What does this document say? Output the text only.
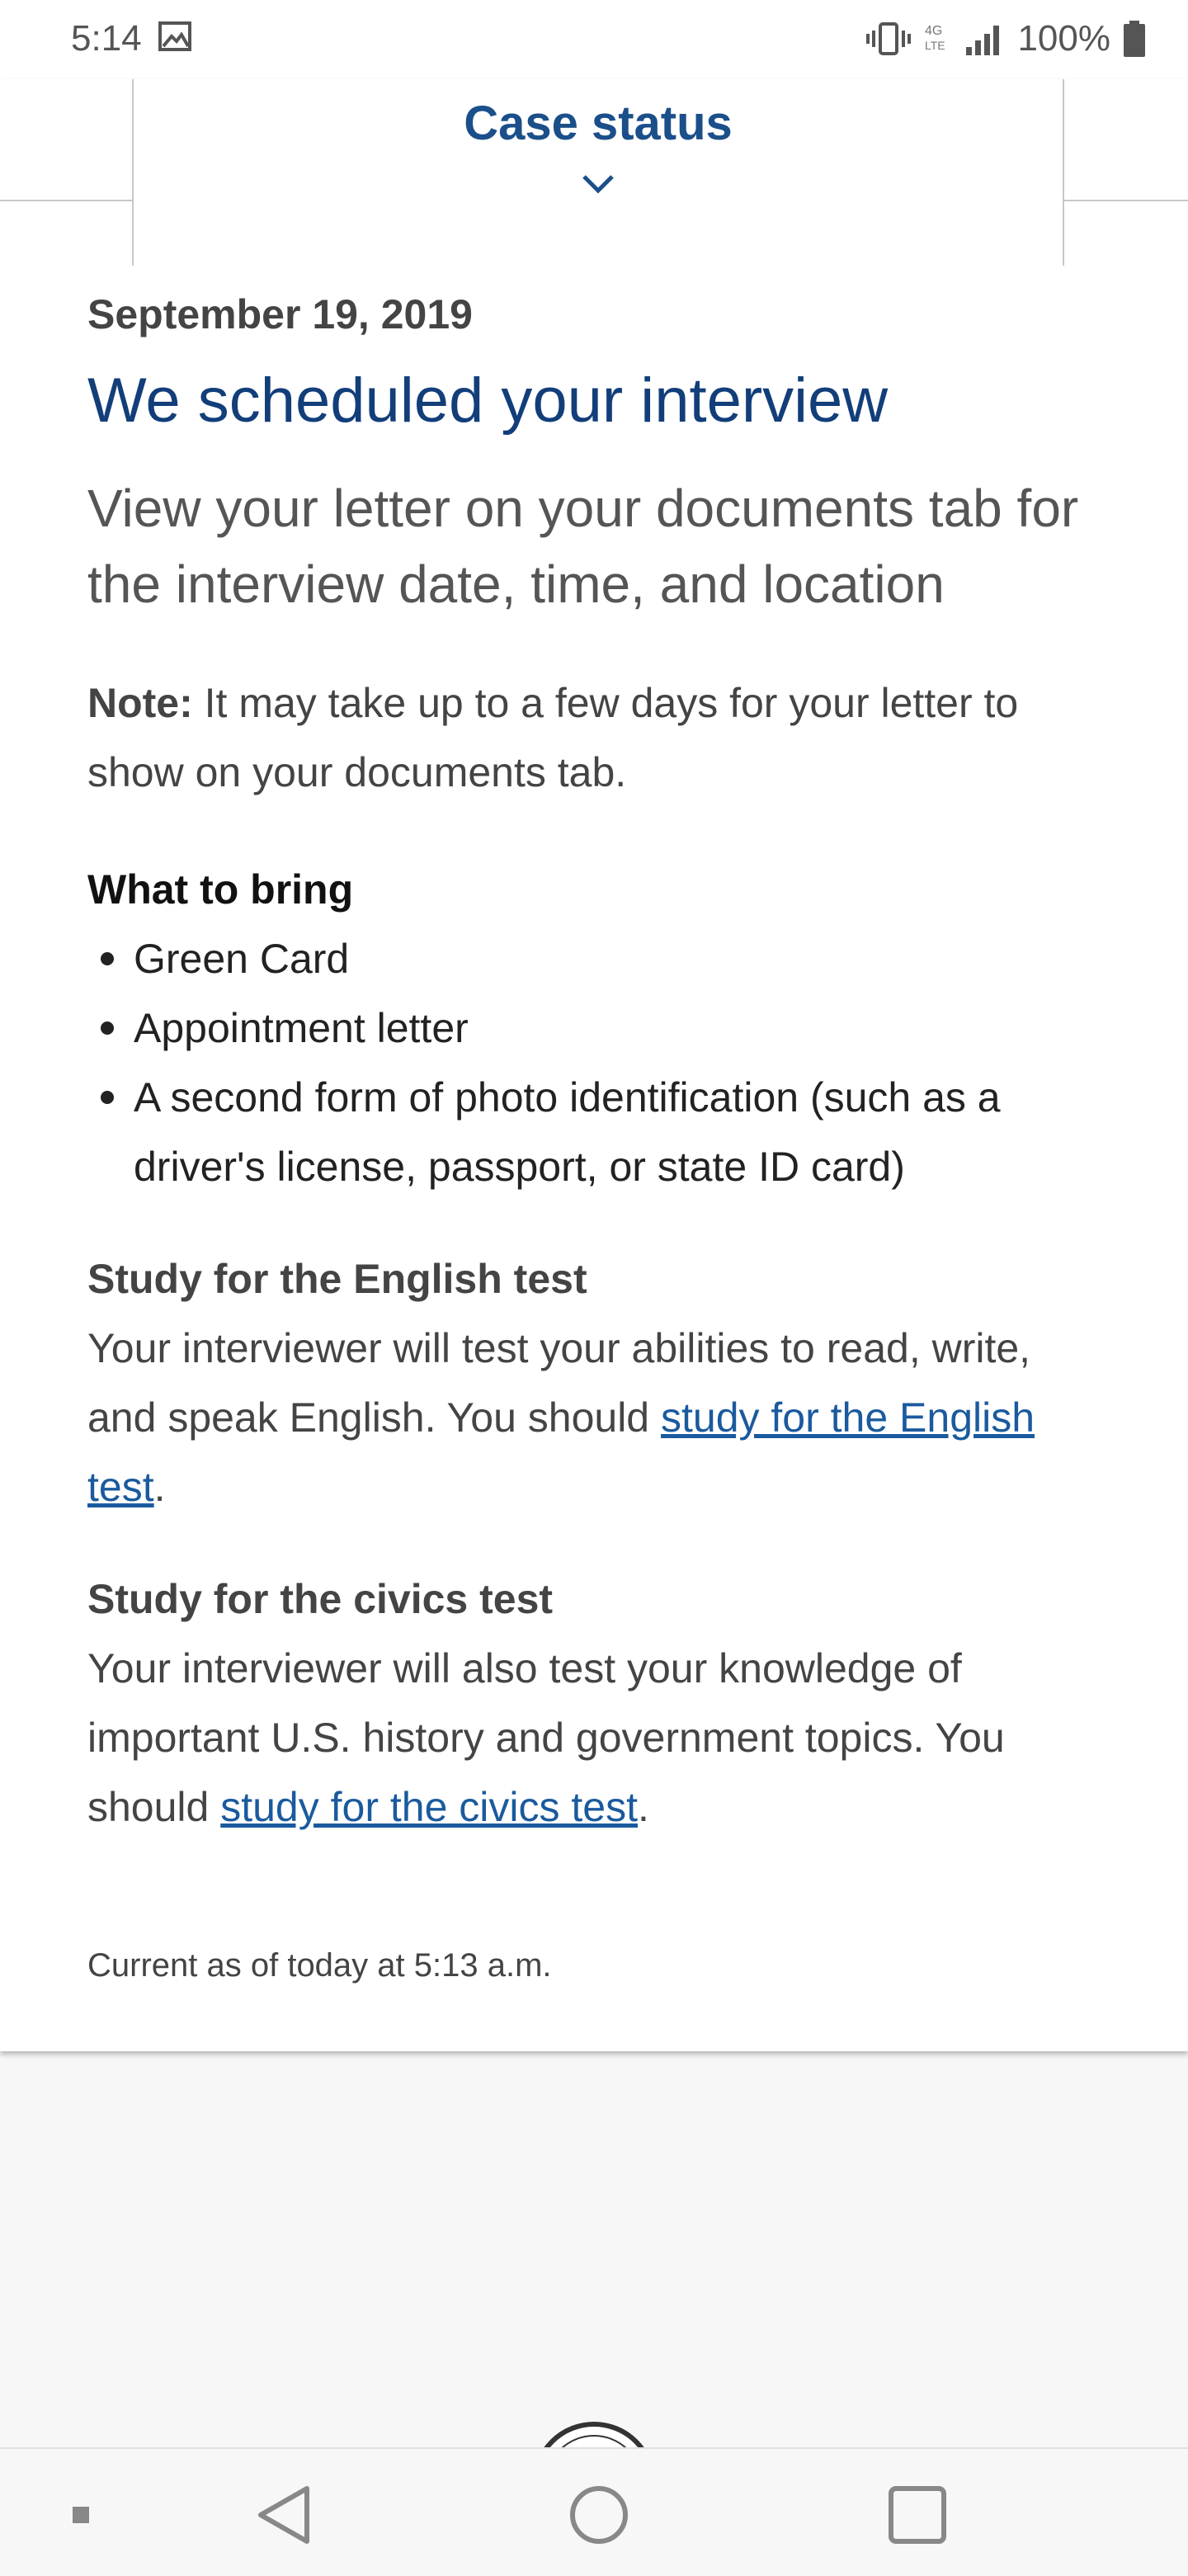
5:14	4G
LTE 100%
Case status

September 19, 2019

We scheduled your interview

View your letter on your documents tab for the interview date, time, and location

Note: It may take up to a few days for your letter to show on your documents tab.

What to bring

Green Card
Appointment letter
A second form of photo identification (such as a driver's license, passport, or state ID card)

Study for the English test

Your interviewer will test your abilities to read, write, and speak English. You should study for the English test.

Study for the civics test

Your interviewer will also test your knowledge of important U.S. history and government topics. You should study for the civics test.

Current as of today at 5:13 a.m.
